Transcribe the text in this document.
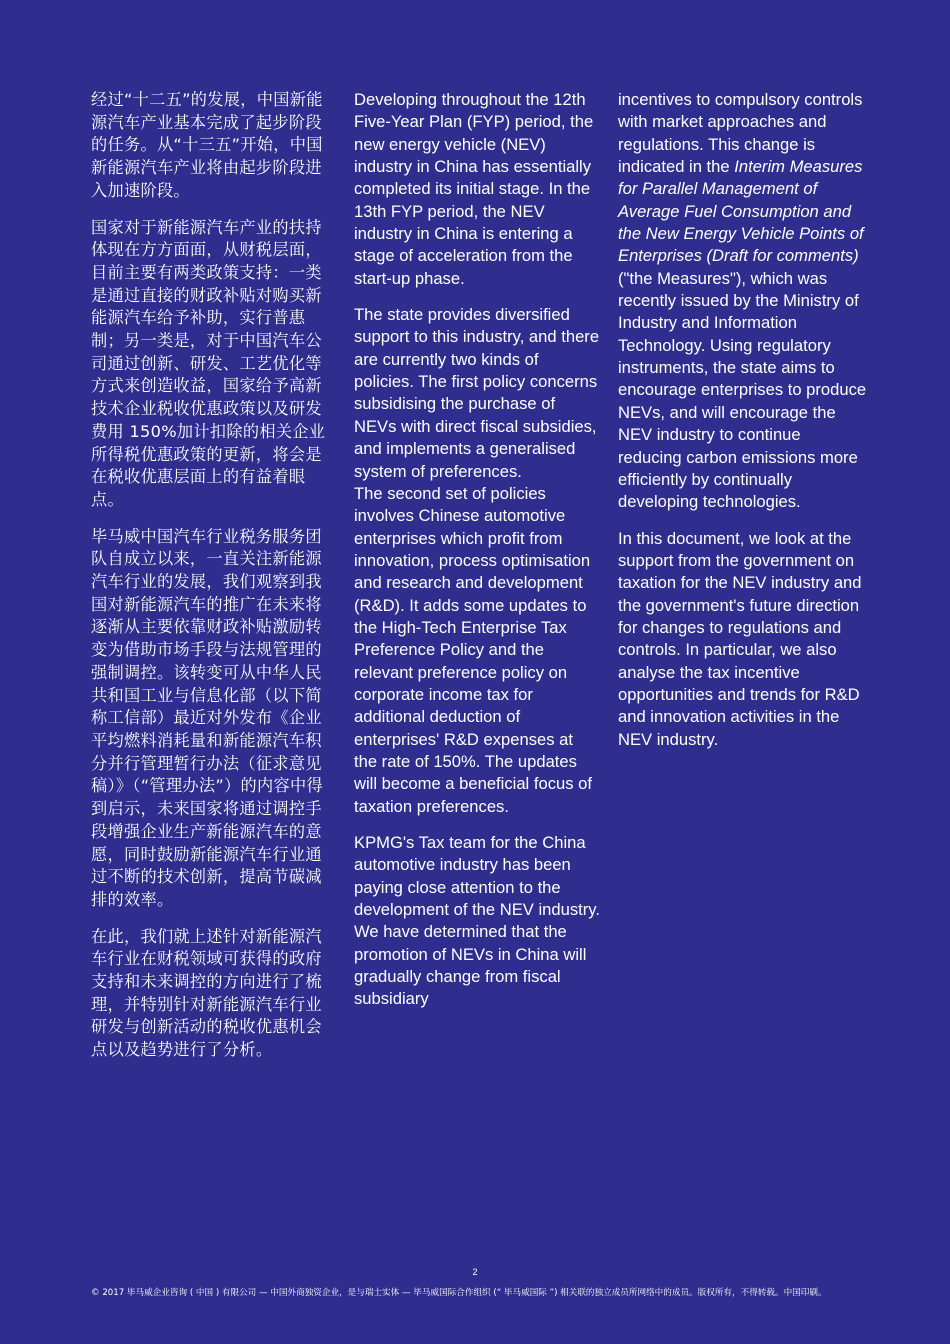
经过“十二五”的发展，中国新能源汽车产业基本完成了起步阶段的任务。从“十三五”开始，中国新能源汽车产业将由起步阶段进入加速阶段。

国家对于新能源汽车产业的扶持体现在方方面面，从财税层面，目前主要有两类政策支持：一类是通过直接的财政补贴对购买新能源汽车给予补助，实行普惠制；另一类是，对于中国汽车公司通过创新、研发、工艺优化等方式来创造收益，国家给予高新技术企业税收优惠政策以及研发费用 150%加计扣除的相关企业所得税优惠政策的更新，将会是在税收优惠层面上的有益着眼点。

毕马威中国汽车行业税务服务团队自成立以来，一直关注新能源汽车行业的发展，我们观察到我国对新能源汽车的推广在未来将逐渐从主要依靠财政补贴激励转变为借助市场手段与法规管理的强制调控。该转变可从中华人民共和国工业与信息化部（以下简称工信部）最近对外发布《企业平均燃料消耗量和新能源汽车积分并行管理暂行办法（征求意见稿）》（“管理办法”）的内容中得到启示，未来国家将通过调控手段增强企业生产新能源汽车的意愿，同时鼓励新能源汽车行业通过不断的技术创新，提高节碳减排的效率。

在此，我们就上述针对新能源汽车行业在财税领域可获得的政府支持和未来调控的方向进行了梳理，并特别针对新能源汽车行业研发与创新活动的税收优惠机会点以及趋势进行了分析。

Developing throughout the 12th Five-Year Plan (FYP) period, the new energy vehicle (NEV) industry in China has essentially completed its initial stage. In the 13th FYP period, the NEV industry in China is entering a stage of acceleration from the start-up phase.

The state provides diversified support to this industry, and there are currently two kinds of policies. The first policy concerns subsidising the purchase of NEVs with direct fiscal subsidies, and implements a generalised system of preferences.

The second set of policies involves Chinese automotive enterprises which profit from innovation, process optimisation and research and development (R&D). It adds some updates to the High-Tech Enterprise Tax Preference Policy and the relevant preference policy on corporate income tax for additional deduction of enterprises' R&D expenses at the rate of 150%. The updates will become a beneficial focus of taxation preferences.

KPMG's Tax team for the China automotive industry has been paying close attention to the development of the NEV industry. We have determined that the promotion of NEVs in China will gradually change from fiscal subsidiary

incentives to compulsory controls with market approaches and regulations. This change is indicated in the Interim Measures for Parallel Management of Average Fuel Consumption and the New Energy Vehicle Points of Enterprises (Draft for comments) ("the Measures"), which was recently issued by the Ministry of Industry and Information Technology. Using regulatory instruments, the state aims to encourage enterprises to produce NEVs, and will encourage the NEV industry to continue reducing carbon emissions more efficiently by continually developing technologies.

In this document, we look at the support from the government on taxation for the NEV industry and the government's future direction for changes to regulations and controls. In particular, we also analyse the tax incentive opportunities and trends for R&D and innovation activities in the NEV industry.

2
© 2017 毕马威企业咨询 ( 中国 ) 有限公司 — 中国外商独资企业，是与瑞士实体 — 毕马威国际合作组织 (“ 毕马威国际 ”) 相关联的独立成员所网络中的成员。版权所有，不得转载。中国印刷。
